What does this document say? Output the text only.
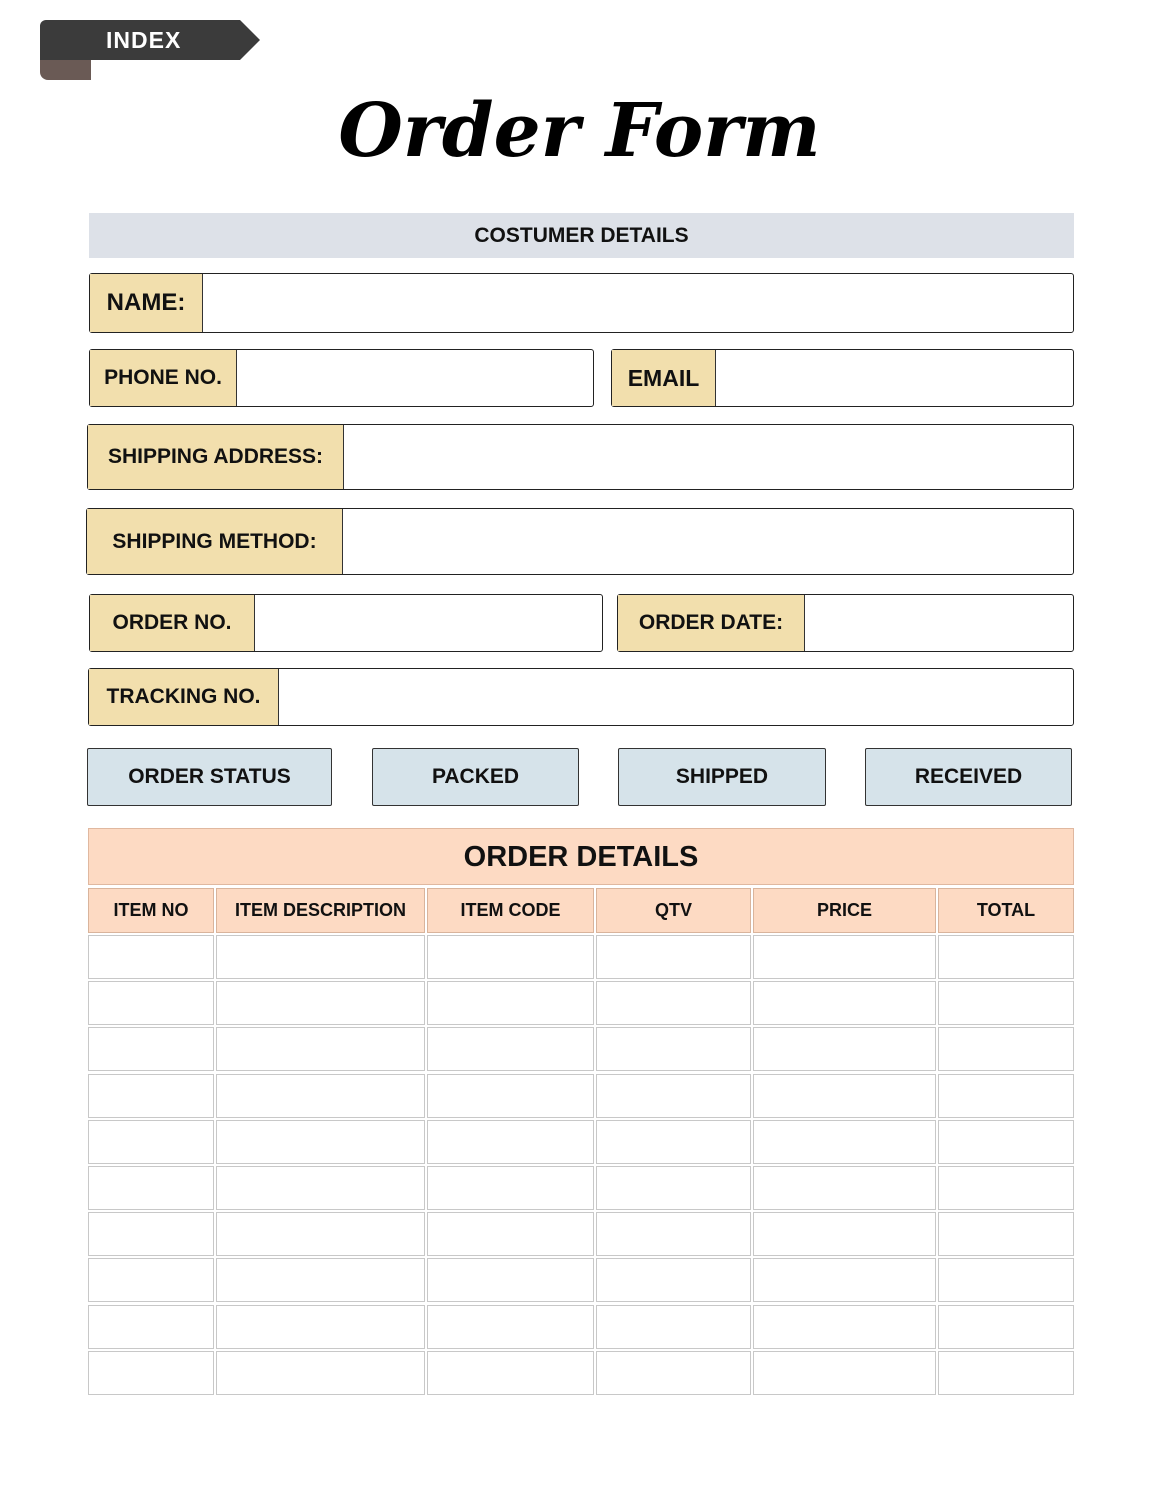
INDEX
Order Form
COSTUMER DETAILS
NAME:
PHONE NO.	EMAIL
SHIPPING ADDRESS:
SHIPPING METHOD:
ORDER NO.	ORDER DATE:
TRACKING NO.
ORDER STATUS	PACKED	SHIPPED	RECEIVED
ORDER DETAILS
ITEM NO	ITEM DESCRIPTION	ITEM CODE	QTV	PRICE	TOTAL
